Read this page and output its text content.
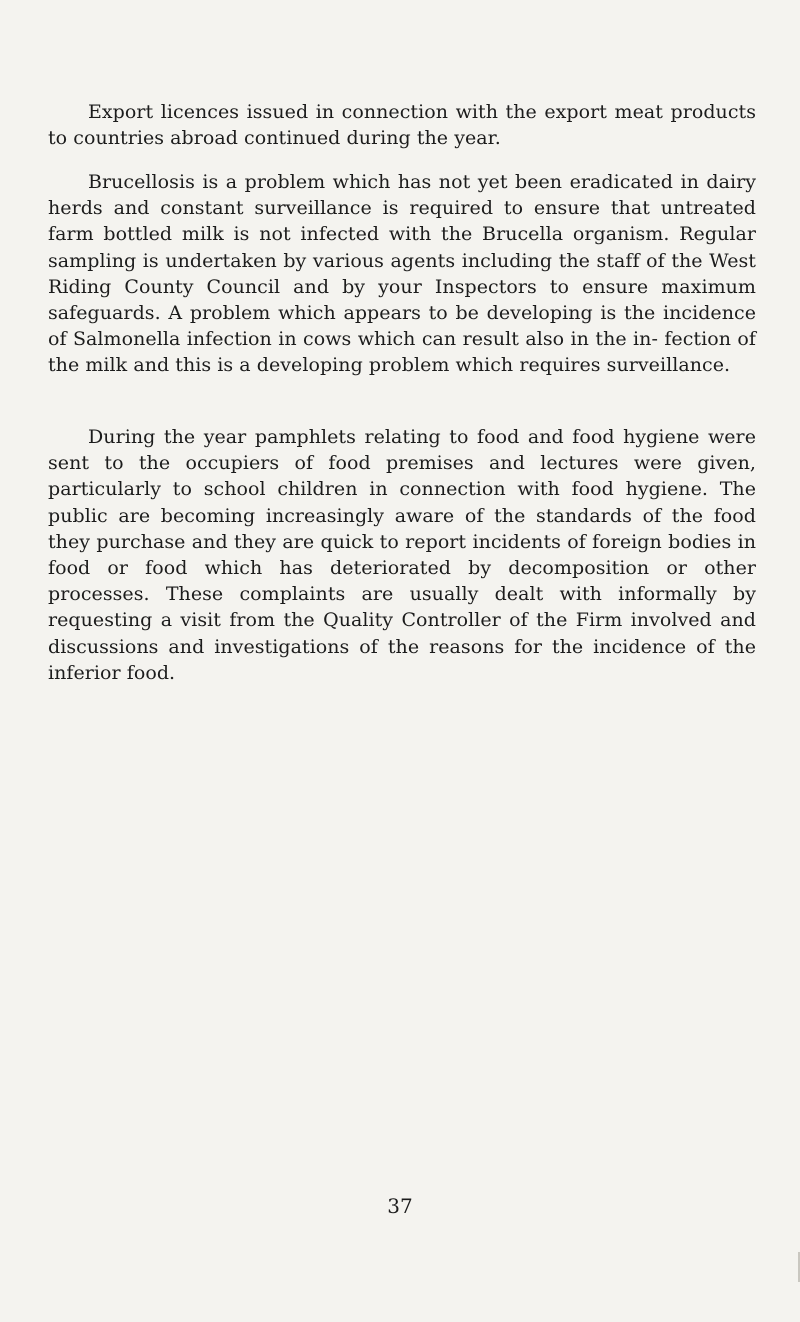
Export licences issued in connection with the export meat products to countries abroad continued during the year.

Brucellosis is a problem which has not yet been eradicated in dairy herds and constant surveillance is required to ensure that untreated farm bottled milk is not infected with the Brucella organism. Regular sampling is undertaken by various agents including the staff of the West Riding County Council and by your Inspectors to ensure maximum safeguards. A problem which appears to be developing is the incidence of Salmonella infection in cows which can result also in the in- fection of the milk and this is a developing problem which requires surveillance.

During the year pamphlets relating to food and food hygiene were sent to the occupiers of food premises and lectures were given, particularly to school children in connection with food hygiene. The public are becoming increasingly aware of the standards of the food they purchase and they are quick to report incidents of foreign bodies in food or food which has deteriorated by decomposition or other processes. These complaints are usually dealt with informally by requesting a visit from the Quality Controller of the Firm involved and discussions and investigations of the reasons for the incidence of the inferior food.

37
